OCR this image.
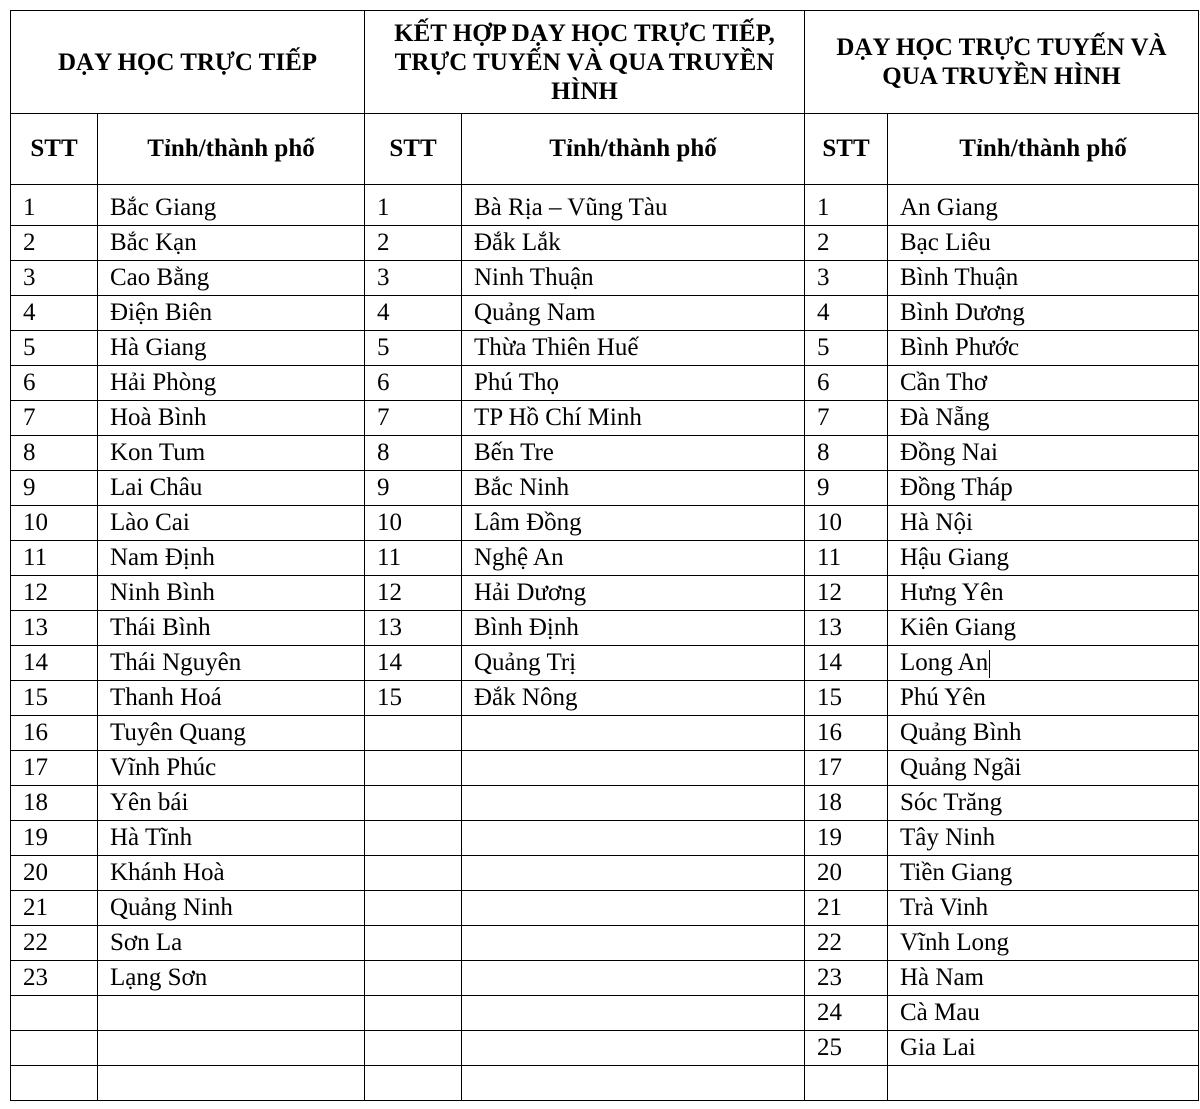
DẠY HỌC TRỰC TIẾP		KẾT HỢP DẠY HỌC TRỰC TIẾP, TRỰC TUYẾN VÀ QUA TRUYỀN HÌNH		DẠY HỌC TRỰC TUYẾN VÀ QUA TRUYỀN HÌNH	
STT	Tỉnh/thành phố	STT	Tỉnh/thành phố	STT	Tỉnh/thành phố
1	Bắc Giang	1	Bà Rịa – Vũng Tàu	1	An Giang
2	Bắc Kạn	2	Đắk Lắk	2	Bạc Liêu
3	Cao Bằng	3	Ninh Thuận	3	Bình Thuận
4	Điện Biên	4	Quảng Nam	4	Bình Dương
5	Hà Giang	5	Thừa Thiên Huế	5	Bình Phước
6	Hải Phòng	6	Phú Thọ	6	Cần Thơ
7	Hoà Bình	7	TP Hồ Chí Minh	7	Đà Nẵng
8	Kon Tum	8	Bến Tre	8	Đồng Nai
9	Lai Châu	9	Bắc Ninh	9	Đồng Tháp
10	Lào Cai	10	Lâm Đồng	10	Hà Nội
11	Nam Định	11	Nghệ An	11	Hậu Giang
12	Ninh Bình	12	Hải Dương	12	Hưng Yên
13	Thái Bình	13	Bình Định	13	Kiên Giang
14	Thái Nguyên	14	Quảng Trị	14	Long An
15	Thanh Hoá	15	Đắk Nông	15	Phú Yên
16	Tuyên Quang			16	Quảng Bình
17	Vĩnh Phúc			17	Quảng Ngãi
18	Yên bái			18	Sóc Trăng
19	Hà Tĩnh			19	Tây Ninh
20	Khánh Hoà			20	Tiền Giang
21	Quảng Ninh			21	Trà Vinh
22	Sơn La			22	Vĩnh Long
23	Lạng Sơn			23	Hà Nam
				24	Cà Mau
				25	Gia Lai
